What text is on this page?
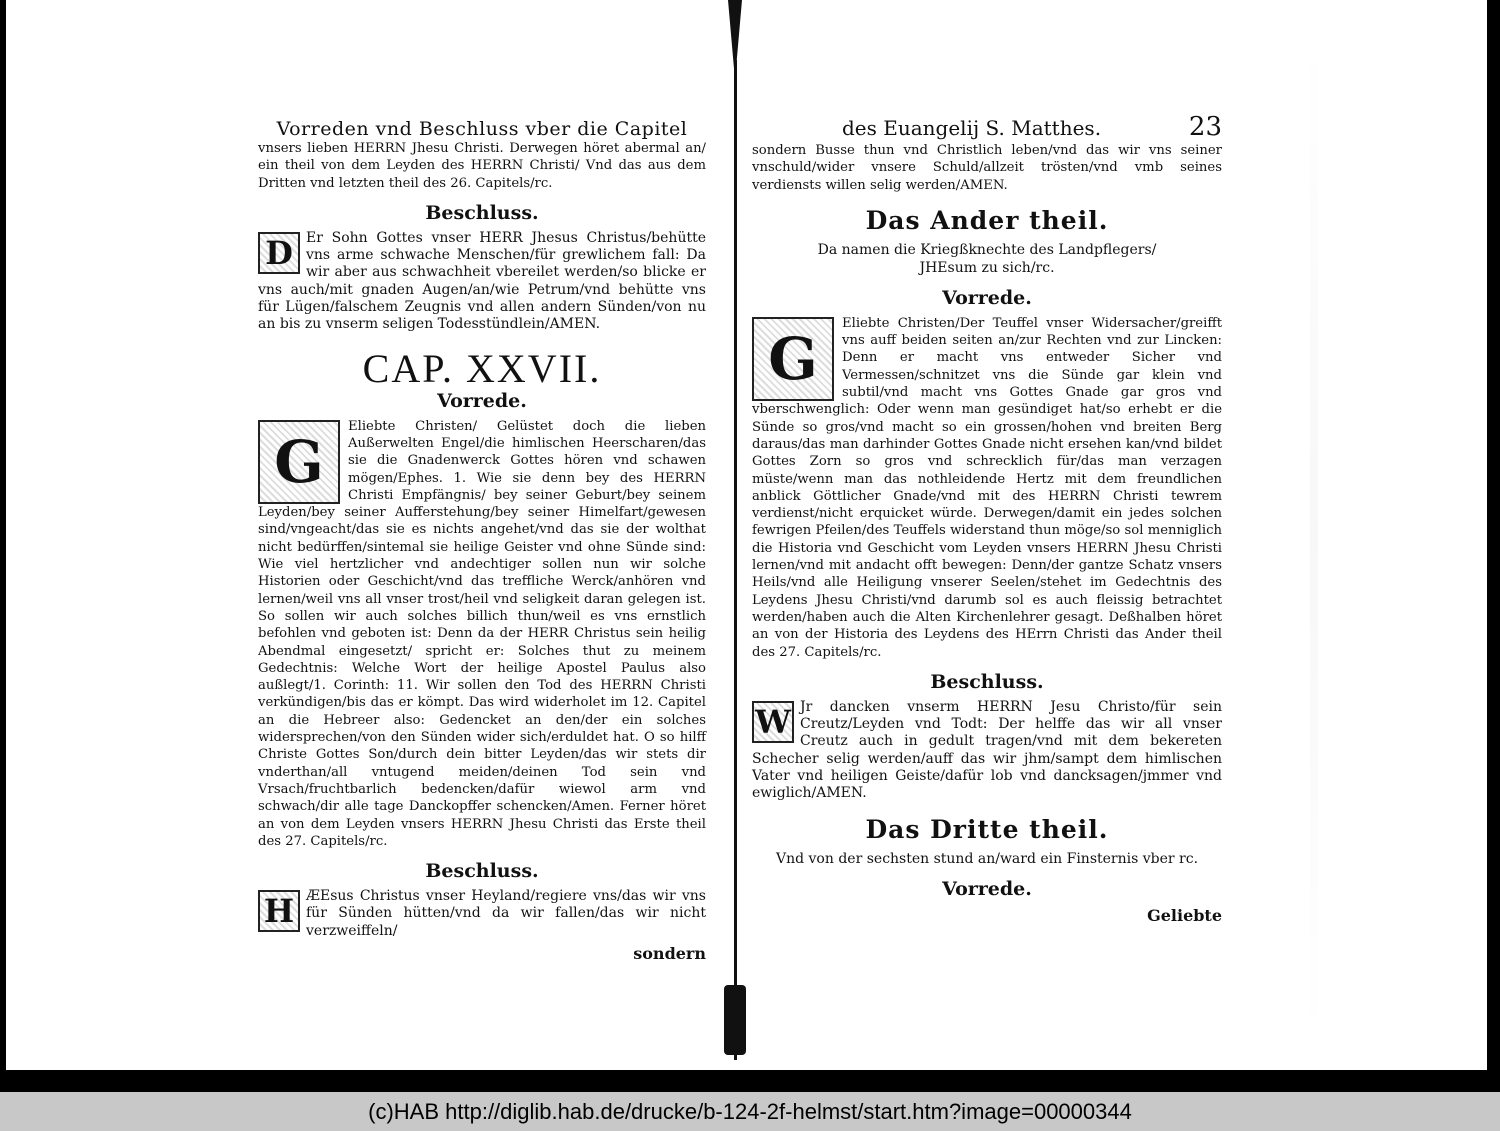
Vorreden vnd Beschluss vber die Capitel

vnsers lieben HERRN Jhesu Christi. Derwegen höret abermal an/ ein theil von dem Leyden des HERRN Christi/ Vnd das aus dem Dritten vnd letzten theil des 26. Capitels/rc.

Beschluss.
D Er Sohn Gottes vnser HERR Jhesus Christus/behütte vns arme schwache Menschen/für grewlichem fall: Da wir aber aus schwachheit vbereilet werden/so blicke er vns auch/mit gnaden Augen/an/wie Petrum/vnd behütte vns für Lügen/falschem Zeugnis vnd allen andern Sünden/von nu an bis zu vnserm seligen Todesstündlein/AMEN.

CAP. XXVII.
Vorrede.
G

Eliebte Christen/ Gelüstet doch die lieben Außerwelten Engel/die himlischen Heerscharen/das sie die Gnadenwerck Gottes hören vnd schawen mögen/Ephes. 1. Wie sie denn bey des HERRN Christi Empfängnis/ bey seiner Geburt/bey seinem Leyden/bey seiner Aufferstehung/bey seiner Himelfart/gewesen sind/vngeacht/das sie es nichts angehet/vnd das sie der wolthat nicht bedürffen/sintemal sie heilige Geister vnd ohne Sünde sind: Wie viel hertzlicher vnd andechtiger sollen nun wir solche Historien oder Geschicht/vnd das treffliche Werck/anhören vnd lernen/weil vns all vnser trost/heil vnd seligkeit daran gelegen ist. So sollen wir auch solches billich thun/weil es vns ernstlich befohlen vnd geboten ist: Denn da der HERR Christus sein heilig Abendmal eingesetzt/ spricht er: Solches thut zu meinem Gedechtnis: Welche Wort der heilige Apostel Paulus also außlegt/1. Corinth: 11. Wir sollen den Tod des HERRN Christi verkündigen/bis das er kömpt. Das wird widerholet im 12. Capitel an die Hebreer also: Gedencket an den/der ein solches widersprechen/von den Sünden wider sich/erduldet hat. O so hilff Christe Gottes Son/durch dein bitter Leyden/das wir stets dir vnderthan/all vntugend meiden/deinen Tod sein vnd Vrsach/fruchtbarlich bedencken/dafür wiewol arm vnd schwach/dir alle tage Danckopffer schencken/Amen. Ferner höret an von dem Leyden vnsers HERRN Jhesu Christi das Erste theil des 27. Capitels/rc.

Beschluss.
H ÆEsus Christus vnser Heyland/regiere vns/das wir vns für Sünden hütten/vnd da wir fallen/das wir nicht verzweiffeln/

sondern
des Euangelij S. Matthes.	23

sondern Busse thun vnd Christlich leben/vnd das wir vns seiner vnschuld/wider vnsere Schuld/allzeit trösten/vnd vmb seines verdiensts willen selig werden/AMEN.

Das Ander theil.

Da namen die Kriegßknechte des Landpflegers/

JHEsum zu sich/rc.

Vorrede.
G

Eliebte Christen/Der Teuffel vnser Widersacher/greifft vns auff beiden seiten an/zur Rechten vnd zur Lincken: Denn er macht vns entweder Sicher vnd Vermessen/schnitzet vns die Sünde gar klein vnd subtil/vnd macht vns Gottes Gnade gar gros vnd vberschwenglich: Oder wenn man gesündiget hat/so erhebt er die Sünde so gros/vnd macht so ein grossen/hohen vnd breiten Berg daraus/das man darhinder Gottes Gnade nicht ersehen kan/vnd bildet Gottes Zorn so gros vnd schrecklich für/das man verzagen müste/wenn man das nothleidende Hertz mit dem freundlichen anblick Göttlicher Gnade/vnd mit des HERRN Christi tewrem verdienst/nicht erquicket würde. Derwegen/damit ein jedes solchen fewrigen Pfeilen/des Teuffels widerstand thun möge/so sol menniglich die Historia vnd Geschicht vom Leyden vnsers HERRN Jhesu Christi lernen/vnd mit andacht offt bewegen: Denn/der gantze Schatz vnsers Heils/vnd alle Heiligung vnserer Seelen/stehet im Gedechtnis des Leydens Jhesu Christi/vnd darumb sol es auch fleissig betrachtet werden/haben auch die Alten Kirchenlehrer gesagt. Deßhalben höret an von der Historia des Leydens des HErrn Christi das Ander theil des 27. Capitels/rc.

Beschluss.
W Jr dancken vnserm HERRN Jesu Christo/für sein Creutz/Leyden vnd Todt: Der helffe das wir all vnser Creutz auch in gedult tragen/vnd mit dem bekereten Schecher selig werden/auff das wir jhm/sampt dem himlischen Vater vnd heiligen Geiste/dafür lob vnd dancksagen/jmmer vnd ewiglich/AMEN.

Das Dritte theil.

Vnd von der sechsten stund an/ward ein Finsternis vber rc.

Vorrede.
Geliebte
(c)HAB http://diglib.hab.de/drucke/b-124-2f-helmst/start.htm?image=00000344
